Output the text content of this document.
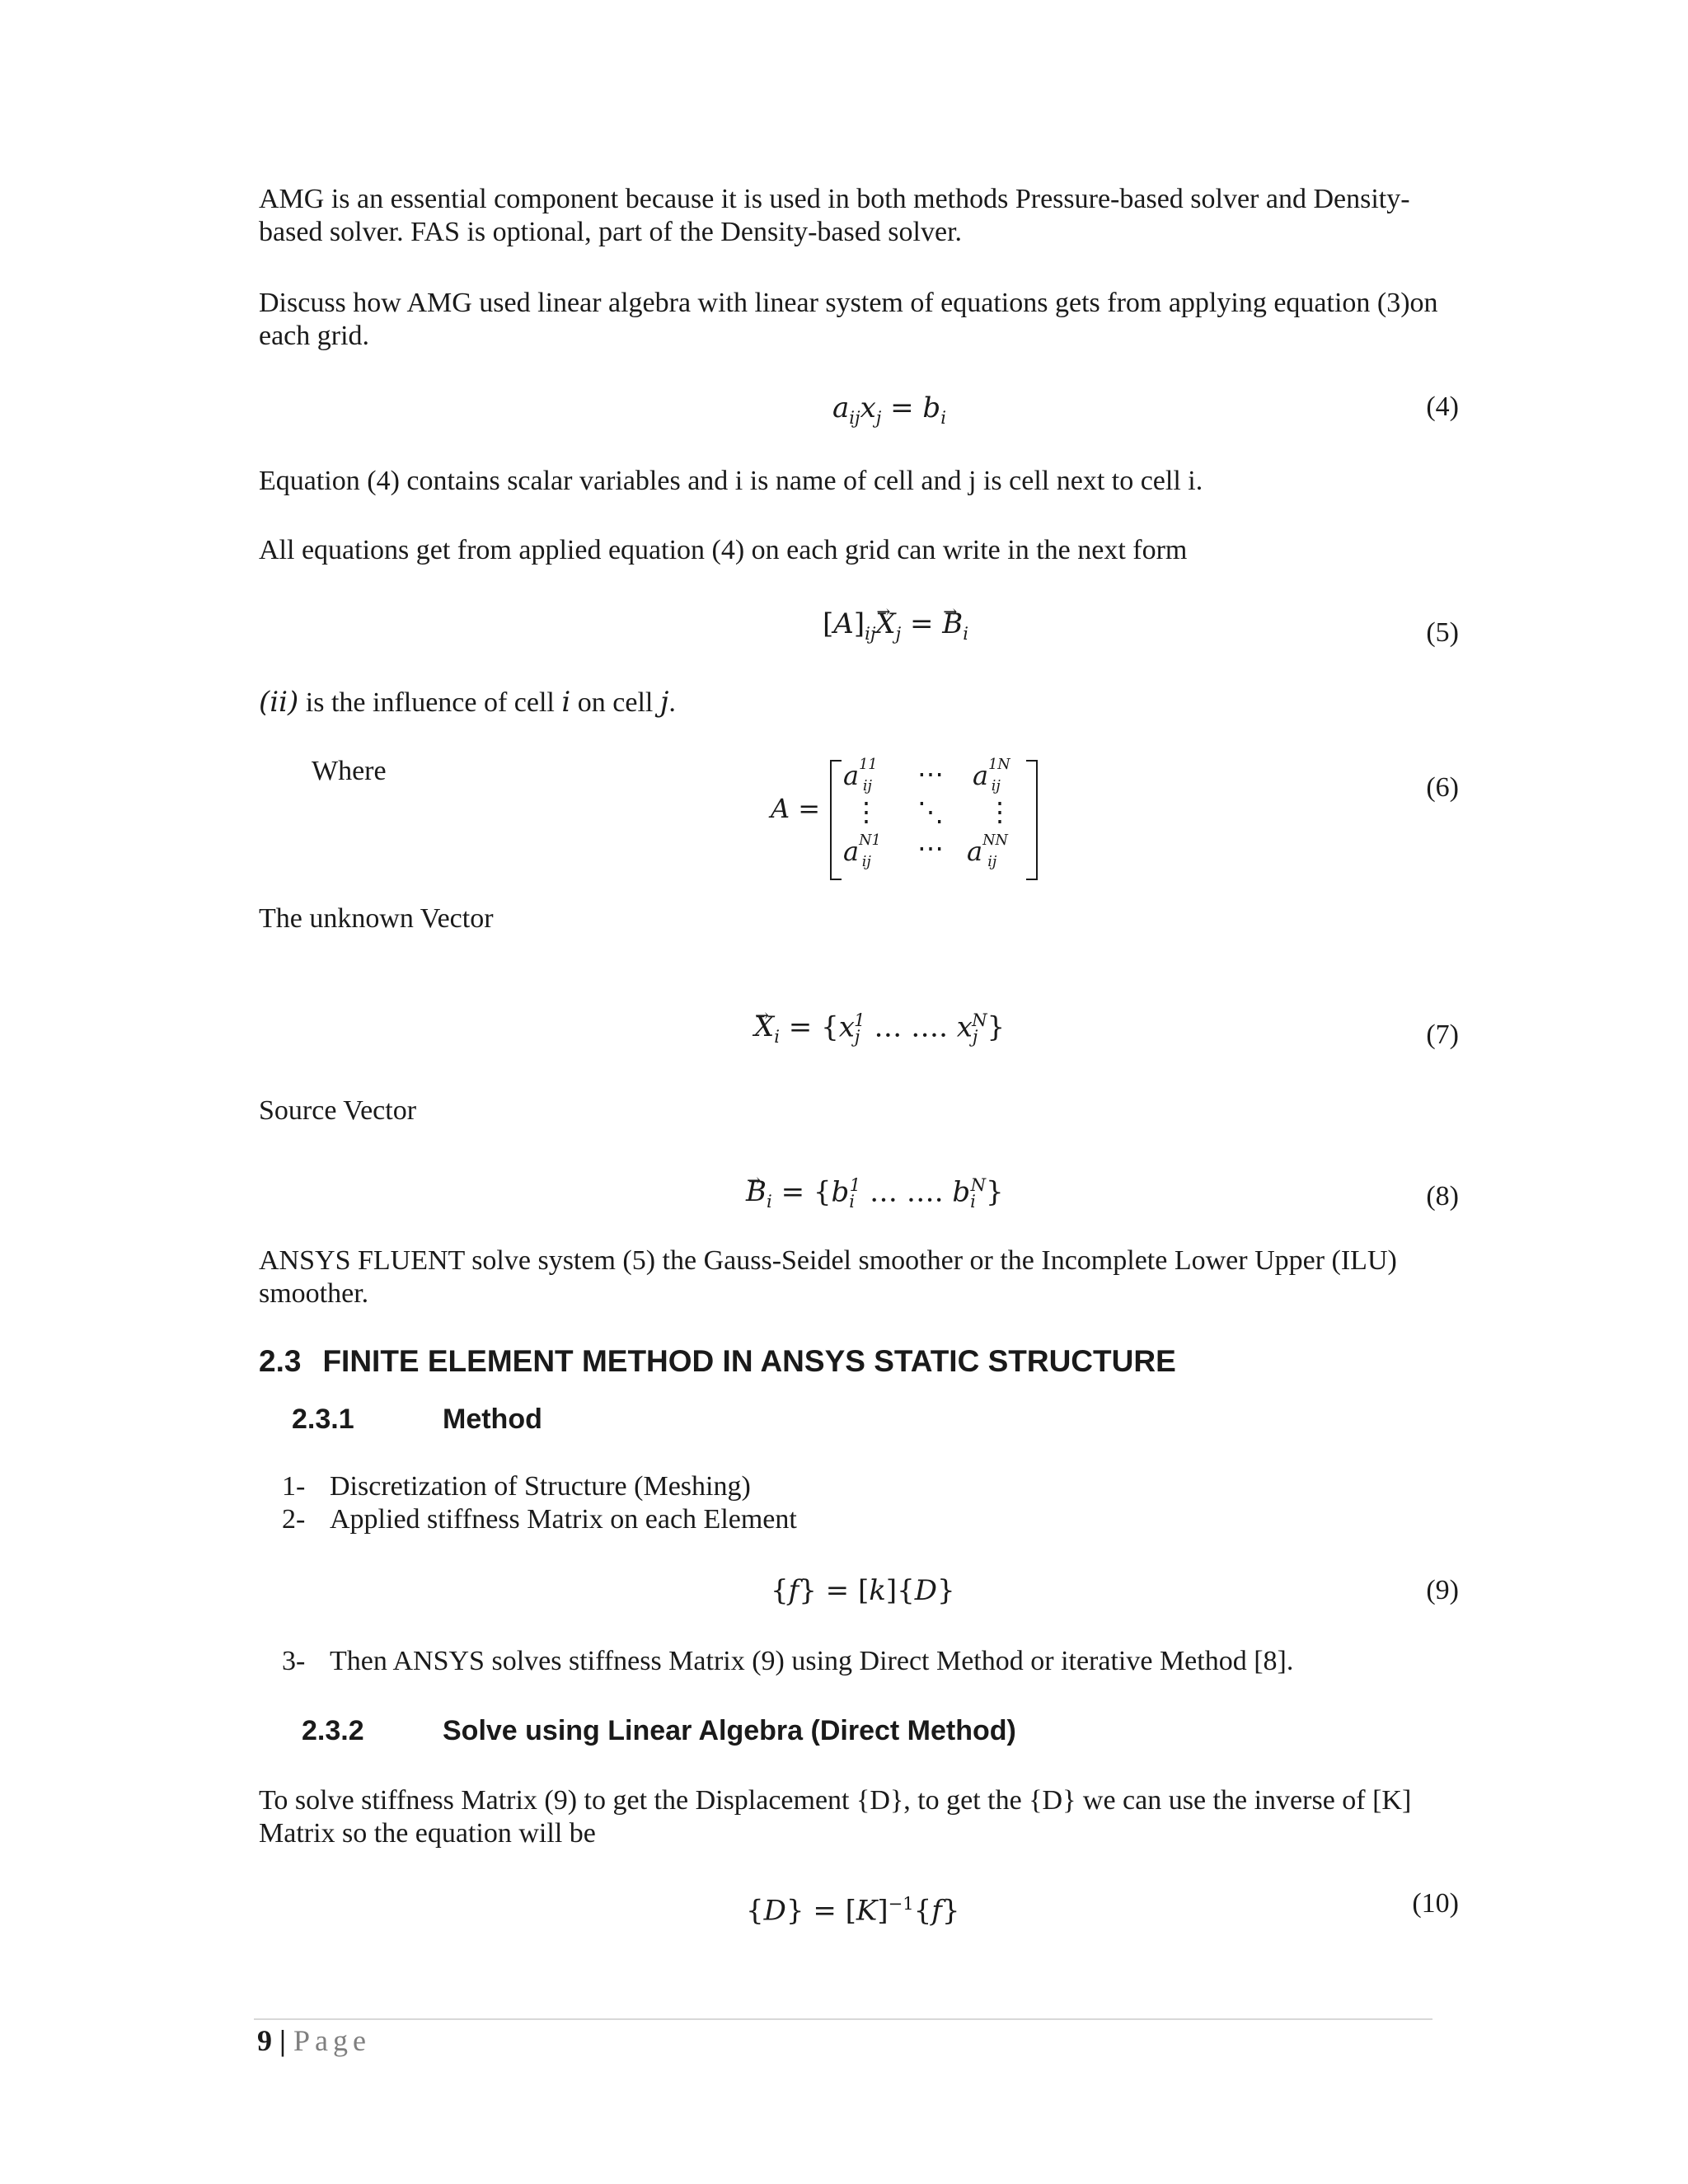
AMG is an essential component because it is used in both methods Pressure-based solver and Density-based solver. FAS is optional, part of the Density-based solver.
Discuss how AMG used linear algebra with linear system of equations gets from applying equation (3)on each grid.
$a_{ij}x_j = b_i$	(4)
Equation (4) contains scalar variables and i is name of cell and j is cell next to cell i.
All equations get from applied equation (4) on each grid can write in the next form
$[A]_{ij}X \to_j = B \to_i$	(5)
(ii) is the influence of cell i on cell j.
Where
A =
$a^{11}_{ij}$ ⋯ $a^{1N}_{ij}$
⋮ ⋱ ⋮
$a^{N1}_{ij}$ ⋯ $a^{NN}_{ij}$
(6)
The unknown Vector
$X \to_i = \{x_j^1$ … …. $x_j^N$}	(7)
Source Vector
$B \to_i = \{b_i^1$ … …. $b_i^N$}	(8)
ANSYS FLUENT solve system (5) the Gauss-Seidel smoother or the Incomplete Lower Upper (ILU) smoother.
2.3 FINITE ELEMENT METHOD IN ANSYS STATIC STRUCTURE
2.3.1	Method
1- Discretization of Structure (Meshing)
2- Applied stiffness Matrix on each Element
{f} = [k]{D}	(9)
3- Then ANSYS solves stiffness Matrix (9) using Direct Method or iterative Method [8].
2.3.2	Solve using Linear Algebra (Direct Method)
To solve stiffness Matrix (9) to get the Displacement {D}, to get the {D} we can use the inverse of [K] Matrix so the equation will be
$\{D\} = [K]^{-1}\{f\}$	(10)
9 | Page
